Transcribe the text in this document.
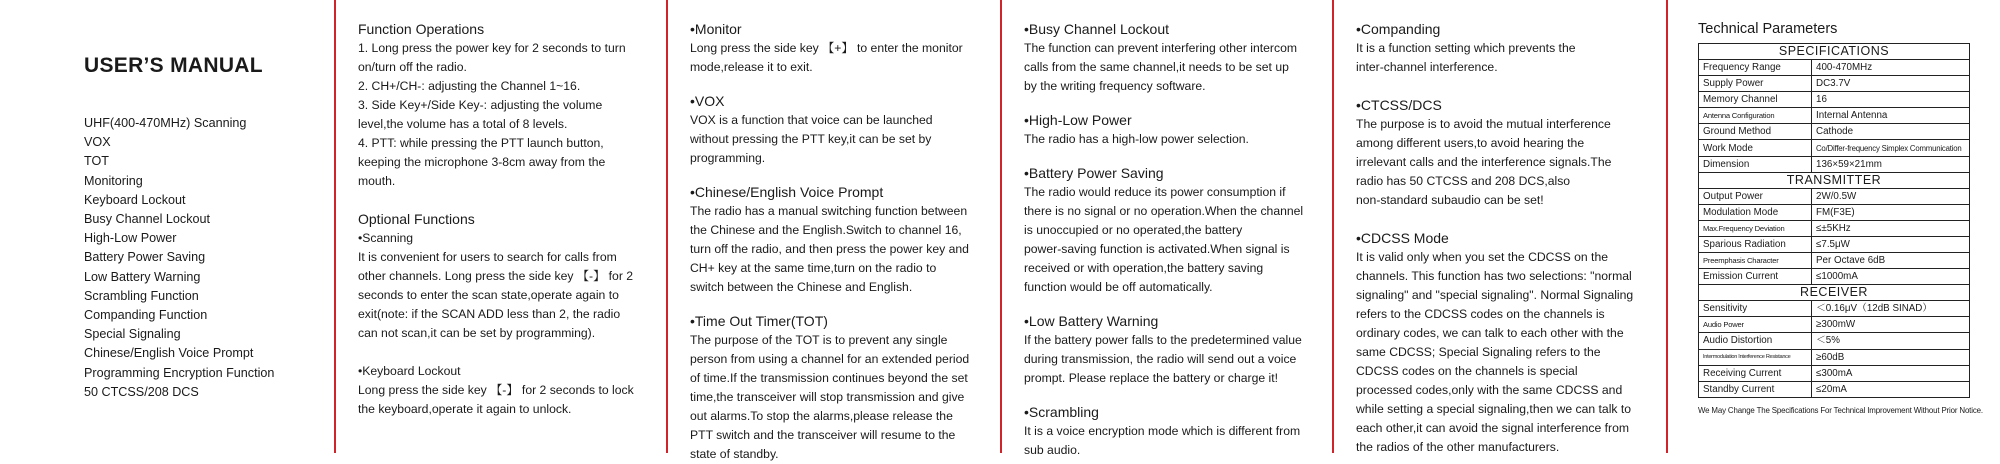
USER’S MANUAL
UHF(400-470MHz) Scanning
VOX
TOT
Monitoring
Keyboard Lockout
Busy Channel Lockout
High-Low Power
Battery Power Saving
Low Battery Warning
Scrambling Function
Companding Function
Special Signaling
Chinese/English Voice Prompt
Programming Encryption Function
50 CTCSS/208 DCS
Function Operations
1. Long press the power key for 2 seconds to turn
on/turn off the radio.
2. CH+/CH-: adjusting the Channel 1~16.
3. Side Key+/Side Key-: adjusting the volume
level,the volume has a total of 8 levels.
4. PTT: while pressing the PTT launch button,
keeping the microphone 3-8cm away from the
mouth.
Optional Functions
•Scanning
It is convenient for users to search for calls from
other channels. Long press the side key 【-】 for 2
seconds to enter the scan state,operate again to
exit(note: if the SCAN ADD less than 2, the radio
can not scan,it can be set by programming).
•Keyboard Lockout
Long press the side key 【-】 for 2 seconds to lock
the keyboard,operate it again to unlock.
•Monitor
Long press the side key 【+】 to enter the monitor
mode,release it to exit.
•VOX
VOX is a function that voice can be launched
without pressing the PTT key,it can be set by
programming.
•Chinese/English Voice Prompt
The radio has a manual switching function between
the Chinese and the English.Switch to channel 16,
turn off the radio, and then press the power key and
CH+ key at the same time,turn on the radio to
switch between the Chinese and English.
•Time Out Timer(TOT)
The purpose of the TOT is to prevent any single
person from using a channel for an extended period
of time.If the transmission continues beyond the set
time,the transceiver will stop transmission and give
out alarms.To stop the alarms,please release the
PTT switch and the transceiver will resume to the
state of standby.
•Busy Channel Lockout
The function can prevent interfering other intercom
calls from the same channel,it needs to be set up
by the writing frequency software.
•High-Low Power
The radio has a high-low power selection.
•Battery Power Saving
The radio would reduce its power consumption if
there is no signal or no operation.When the channel
is unoccupied or no operated,the battery
power-saving function is activated.When signal is
received or with operation,the battery saving
function would be off automatically.
•Low Battery Warning
If the battery power falls to the predetermined value
during transmission, the radio will send out a voice
prompt. Please replace the battery or charge it!
•Scrambling
It is a voice encryption mode which is different from
sub audio.
•Companding
It is a function setting which prevents the
inter-channel interference.
•CTCSS/DCS
The purpose is to avoid the mutual interference
among different users,to avoid hearing the
irrelevant calls and the interference signals.The
radio has 50 CTCSS and 208 DCS,also
non-standard subaudio can be set!
•CDCSS Mode
It is valid only when you set the CDCSS on the
channels. This function has two selections: "normal
signaling" and "special signaling". Normal Signaling
refers to the CDCSS codes on the channels is
ordinary codes, we can talk to each other with the
same CDCSS; Special Signaling refers to the
CDCSS codes on the channels is special
processed codes,only with the same CDCSS and
while setting a special signaling,then we can talk to
each other,it can avoid the signal interference from
the radios of the other manufacturers.
Technical Parameters
SPECIFICATIONS	
Frequency Range	400-470MHz
Supply Power	DC3.7V
Memory Channel	16
Antenna Configuration	Internal Antenna
Ground Method	Cathode
Work Mode	Co/Differ-frequency Simplex Communication
Dimension	136×59×21mm
TRANSMITTER	
Output Power	2W/0.5W
Modulation Mode	FM(F3E)
Max.Frequency Deviation	≤±5KHz
Sparious Radiation	≤7.5μW
Preemphasis Character	Per Octave 6dB
Emission Current	≤1000mA
RECEIVER	
Sensitivity	＜0.16μV（12dB SINAD）
Audio Power	≥300mW
Audio Distortion	＜5%
Intermodulation Interference Resistance	≥60dB
Receiving Current	≤300mA
Standby Current	≤20mA
We May Change The Specifications For Technical Improvement Without Prior Notice.
